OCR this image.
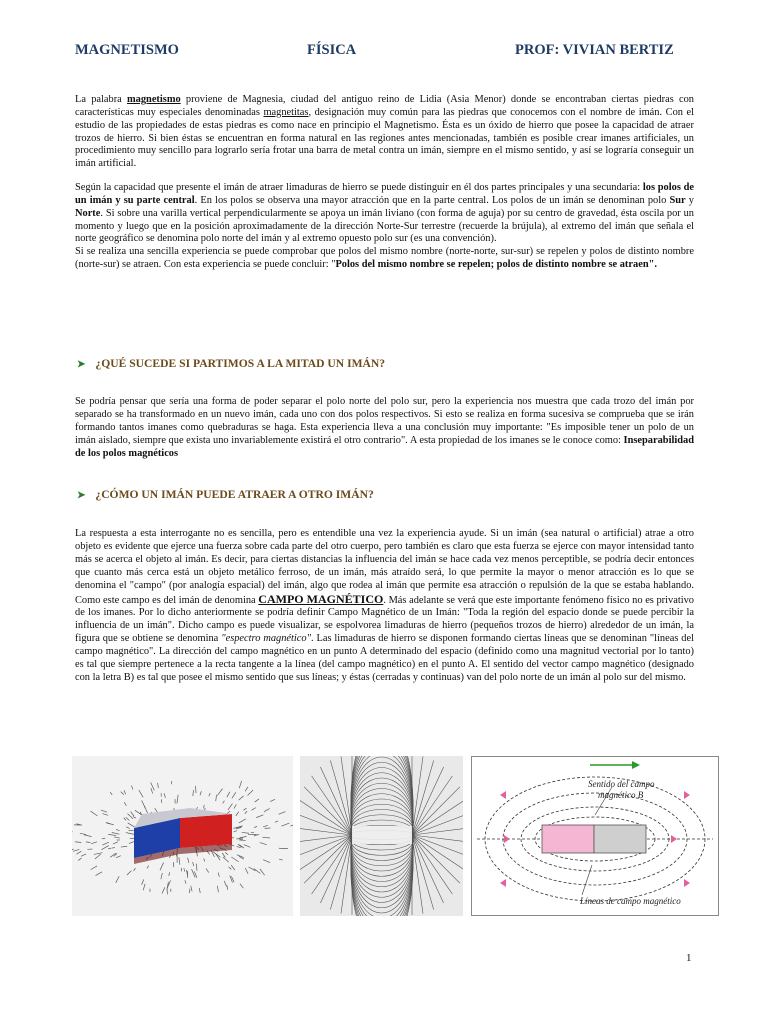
MAGNETISMO	FÍSICA	PROF: VIVIAN BERTIZ

La palabra magnetismo proviene de Magnesia, ciudad del antiguo reino de Lidia (Asia Menor) donde se encontraban ciertas piedras con características muy especiales denominadas magnetitas, designación muy común para las piedras que conocemos con el nombre de imán. Con el estudio de las propiedades de estas piedras es como nace en principio el Magnetismo. Ésta es un óxido de hierro que posee la capacidad de atraer trozos de hierro. Si bien éstas se encuentran en forma natural en las regiones antes mencionadas, también es posible crear imanes artificiales, un procedimiento muy sencillo para lograrlo sería frotar una barra de metal contra un imán, siempre en el mismo sentido, y así se lograría conseguir un imán artificial.

Según la capacidad que presente el imán de atraer limaduras de hierro se puede distinguir en él dos partes principales y una secundaria: los polos de un imán y su parte central. En los polos se observa una mayor atracción que en la parte central. Los polos de un imán se denominan polo Sur y Norte. Si sobre una varilla vertical perpendicularmente se apoya un imán liviano (con forma de aguja) por su centro de gravedad, ésta oscila por un momento y luego que en la posición aproximadamente de la dirección Norte-Sur terrestre (recuerde la brújula), al extremo del imán que señala el norte geográfico se denomina polo norte del imán y al extremo opuesto polo sur (es una convención).

Si se realiza una sencilla experiencia se puede comprobar que polos del mismo nombre (norte-norte, sur-sur) se repelen y polos de distinto nombre (norte-sur) se atraen. Con esta experiencia se puede concluir: "Polos del mismo nombre se repelen; polos de distinto nombre se atraen".

➤ ¿QUÉ SUCEDE SI PARTIMOS A LA MITAD UN IMÁN?

Se podría pensar que sería una forma de poder separar el polo norte del polo sur, pero la experiencia nos muestra que cada trozo del imán por separado se ha transformado en un nuevo imán, cada uno con dos polos respectivos. Si esto se realiza en forma sucesiva se comprueba que se irán formando tantos imanes como quebraduras se haga. Esta experiencia lleva a una conclusión muy importante: "Es imposible tener un polo de un imán aislado, siempre que exista uno invariablemente existirá el otro contrario". A esta propiedad de los imanes se le conoce como: Inseparabilidad de los polos magnéticos

➤ ¿CÓMO UN IMÁN PUEDE ATRAER A OTRO IMÁN?

La respuesta a esta interrogante no es sencilla, pero es entendible una vez la experiencia ayude. Si un imán (sea natural o artificial) atrae a otro objeto es evidente que ejerce una fuerza sobre cada parte del otro cuerpo, pero también es claro que esta fuerza se ejerce con mayor intensidad tanto más se acerca el objeto al imán. Es decir, para ciertas distancias la influencia del imán se hace cada vez menos perceptible, se podría decir entonces que cuanto más cerca está un objeto metálico ferroso, de un imán, más atraído será, lo que permite la mayor o menor atracción es lo que se denomina el "campo" (por analogía espacial) del imán, algo que rodea al imán que permite esa atracción o repulsión de la que se estaba hablando. Como este campo es del imán de denomina CAMPO MAGNÉTICO. Más adelante se verá que este importante fenómeno físico no es privativo de los imanes. Por lo dicho anteriormente se podría definir Campo Magnético de un Imán: "Toda la región del espacio donde se puede percibir la influencia de un imán". Dicho campo es puede visualizar, se espolvorea limaduras de hierro (pequeños trozos de hierro) alrededor de un imán, la figura que se obtiene se denomina "espectro magnético". Las limaduras de hierro se disponen formando ciertas líneas que se denominan "líneas del campo magnético". La dirección del campo magnético en un punto A determinado del espacio (definido como una magnitud vectorial por lo tanto) es tal que siempre pertenece a la recta tangente a la línea (del campo magnético) en el punto A. El sentido del vector campo magnético (designado con la letra B) es tal que posee el mismo sentido que sus líneas; y éstas (cerradas y continuas) van del polo norte de un imán al polo sur del mismo.

Sentido del campo
magnético B
Líneas de campo magnético
1
